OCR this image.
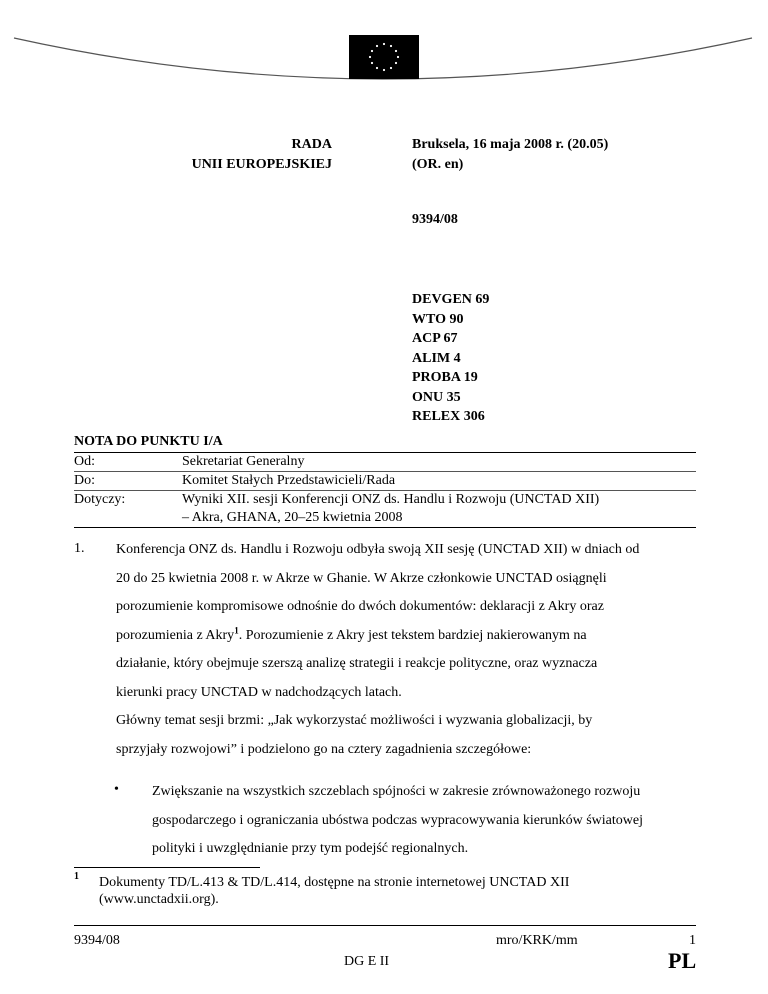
RADA
UNII EUROPEJSKIEJ
Bruksela, 16 maja 2008 r. (20.05)
(OR. en)
9394/08
DEVGEN 69
WTO 90
ACP 67
ALIM 4
PROBA 19
ONU 35
RELEX 306
NOTA DO PUNKTU I/A
Od:	Sekretariat Generalny
Do:	Komitet Stałych Przedstawicieli/Rada
Dotyczy:	Wyniki XII. sesji Konferencji ONZ ds. Handlu i Rozwoju (UNCTAD XII)
– Akra, GHANA, 20–25 kwietnia 2008
1. Konferencja ONZ ds. Handlu i Rozwoju odbyła swoją XII sesję (UNCTAD XII) w dniach od
20 do 25 kwietnia 2008 r. w Akrze w Ghanie. W Akrze członkowie UNCTAD osiągnęli
porozumienie kompromisowe odnośnie do dwóch dokumentów: deklaracji z Akry oraz
porozumienia z Akry$^1$. Porozumienie z Akry jest tekstem bardziej nakierowanym na
działanie, który obejmuje szerszą analizę strategii i reakcje polityczne, oraz wyznacza
kierunki pracy UNCTAD w nadchodzących latach.
Główny temat sesji brzmi: „Jak wykorzystać możliwości i wyzwania globalizacji, by
sprzyjały rozwojowi” i podzielono go na cztery zagadnienia szczegółowe:
• Zwiększanie na wszystkich szczeblach spójności w zakresie zrównoważonego rozwoju
gospodarczego i ograniczania ubóstwa podczas wypracowywania kierunków światowej
polityki i uwzględnianie przy tym podejść regionalnych.
1 Dokumenty TD/L.413 & TD/L.414, dostępne na stronie internetowej UNCTAD XII
(www.unctadxii.org).
9394/08	mro/KRK/mm	1
DG E II	PL
